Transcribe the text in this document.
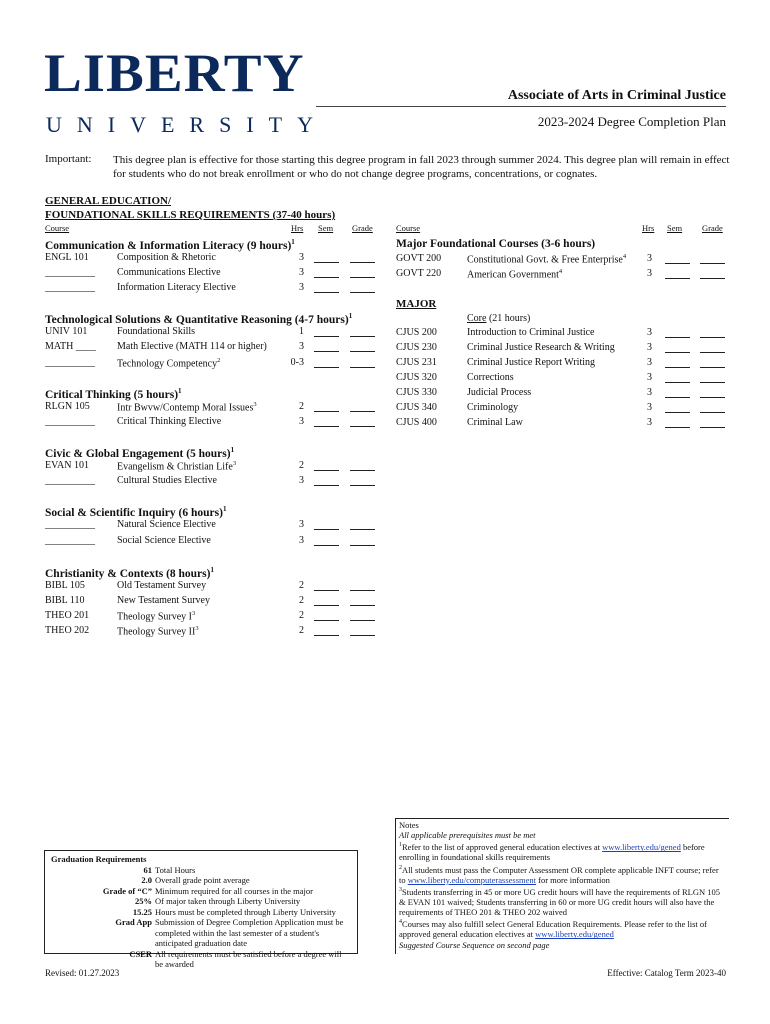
LIBERTY
UNIVERSITY
Associate of Arts in Criminal Justice
2023-2024 Degree Completion Plan
Important: This degree plan is effective for those starting this degree program in fall 2023 through summer 2024. This degree plan will remain in effect for students who do not break enrollment or who do not change degree programs, concentrations, or cognates.
GENERAL EDUCATION/
FOUNDATIONAL SKILLS REQUIREMENTS (37-40 hours)
Course	Hrs Sem Grade
Communication & Information Literacy (9 hours)$^1$
ENGL 101	Composition & Rhetoric	3
__________ Communications Elective	3
__________ Information Literacy Elective	3
Technological Solutions & Quantitative Reasoning (4-7 hours)$^1$
UNIV 101	Foundational Skills	1
MATH ____ Math Elective (MATH 114 or higher)	3
__________ Technology Competency$^2$	0-3
Critical Thinking (5 hours)$^1$
RLGN 105	Intr Bwvw/Contemp Moral Issues$^3$	2
__________ Critical Thinking Elective	3
Civic & Global Engagement (5 hours)$^1$
EVAN 101	Evangelism & Christian Life$^3$	2
__________ Cultural Studies Elective	3
Social & Scientific Inquiry (6 hours)$^1$
__________ Natural Science Elective	3
__________ Social Science Elective	3
Christianity & Contexts (8 hours)$^1$
BIBL 105	Old Testament Survey	2
BIBL 110	New Testament Survey	2
THEO 201	Theology Survey $I^3$	2
THEO 202	Theology Survey $II^3$	2
Course	Hrs Sem Grade
Major Foundational Courses (3-6 hours)
GOVT 200	Constitutional Govt. & Free Enterprise$^4$	3
GOVT 220	American Government$^4$	3
MAJOR
Core (21 hours)
CJUS 200	Introduction to Criminal Justice	3
CJUS 230	Criminal Justice Research & Writing	3
CJUS 231	Criminal Justice Report Writing	3
CJUS 320	Corrections	3
CJUS 330	Judicial Process	3
CJUS 340	Criminology	3
CJUS 400	Criminal Law	3
Graduation Requirements
61 Total Hours
2.0 Overall grade point average
Grade of “C” Minimum required for all courses in the major
25% Of major taken through Liberty University
15.25 Hours must be completed through Liberty University
Grad App Submission of Degree Completion Application must be completed within the last semester of a student's anticipated graduation date
CSER All requirements must be satisfied before a degree will be awarded
Notes
All applicable prerequisites must be met
$^1$Refer to the list of approved general education electives at www.liberty.edu/gened before enrolling in foundational skills requirements
$^2$All students must pass the Computer Assessment OR complete applicable INFT course; refer to www.liberty.edu/computerassessment for more information
$^3$Students transferring in 45 or more UG credit hours will have the requirements of RLGN 105 & EVAN 101 waived; Students transferring in 60 or more UG credit hours will also have the requirements of THEO 201 & THEO 202 waived
$^4$Courses may also fulfill select General Education Requirements. Please refer to the list of approved general education electives at www.liberty.edu/gened
Suggested Course Sequence on second page
Revised: 01.27.2023	Effective: Catalog Term 2023-40
